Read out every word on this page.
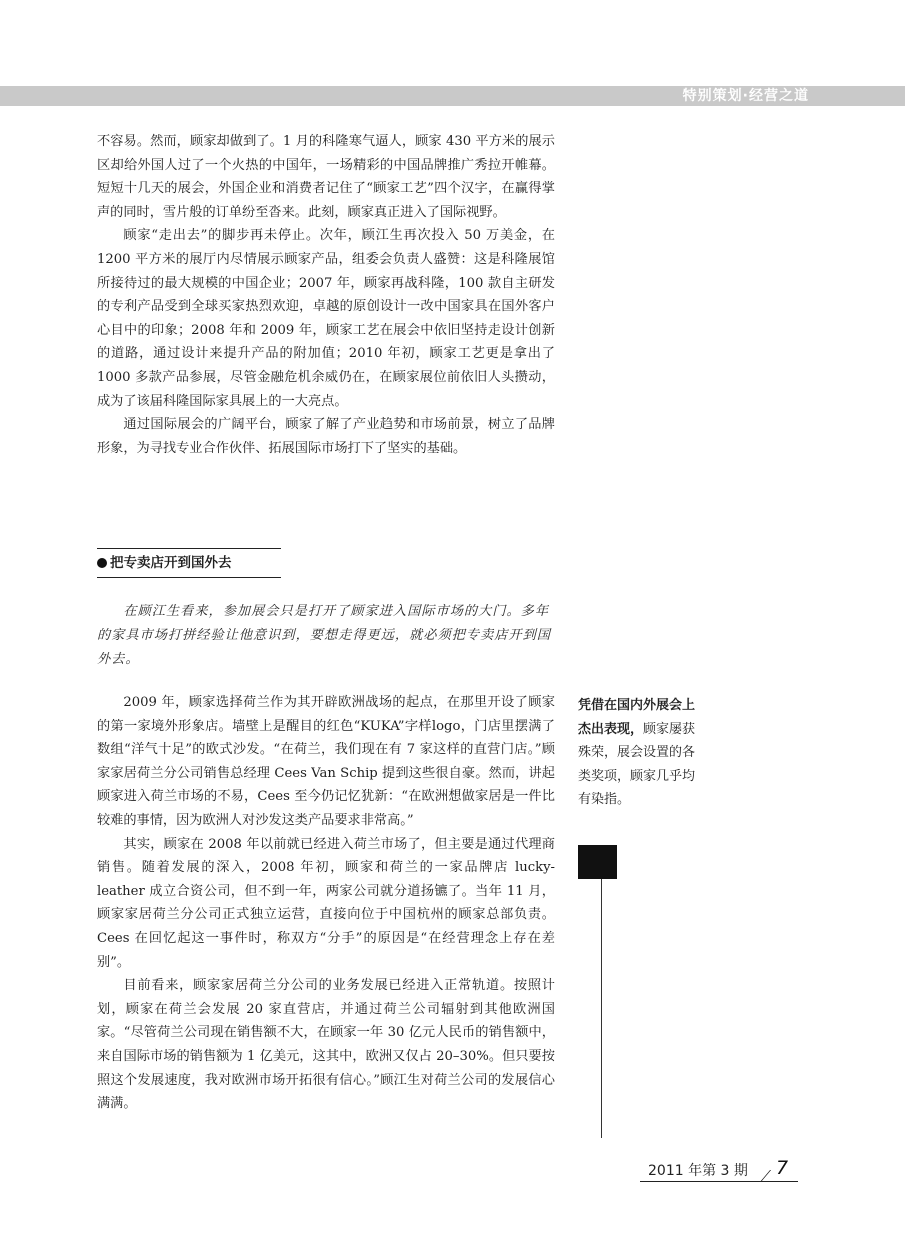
特别策划·经营之道

不容易。然而，顾家却做到了。1 月的科隆寒气逼人，顾家 430 平方米的展示区却给外国人过了一个火热的中国年，一场精彩的中国品牌推广秀拉开帷幕。短短十几天的展会，外国企业和消费者记住了“顾家工艺”四个汉字，在赢得掌声的同时，雪片般的订单纷至沓来。此刻，顾家真正进入了国际视野。

顾家“走出去”的脚步再未停止。次年，顾江生再次投入 50 万美金，在 1200 平方米的展厅内尽情展示顾家产品，组委会负责人盛赞：这是科隆展馆所接待过的最大规模的中国企业；2007 年，顾家再战科隆，100 款自主研发的专利产品受到全球买家热烈欢迎，卓越的原创设计一改中国家具在国外客户心目中的印象；2008 年和 2009 年，顾家工艺在展会中依旧坚持走设计创新的道路，通过设计来提升产品的附加值；2010 年初，顾家工艺更是拿出了 1000 多款产品参展，尽管金融危机余威仍在，在顾家展位前依旧人头攒动，成为了该届科隆国际家具展上的一大亮点。

通过国际展会的广阔平台，顾家了解了产业趋势和市场前景，树立了品牌形象，为寻找专业合作伙伴、拓展国际市场打下了坚实的基础。

把专卖店开到国外去

在顾江生看来，参加展会只是打开了顾家进入国际市场的大门。多年的家具市场打拼经验让他意识到，要想走得更远，就必须把专卖店开到国外去。

2009 年，顾家选择荷兰作为其开辟欧洲战场的起点，在那里开设了顾家的第一家境外形象店。墙壁上是醒目的红色“KUKA”字样logo，门店里摆满了数组“洋气十足”的欧式沙发。“在荷兰，我们现在有 7 家这样的直营门店。”顾家家居荷兰分公司销售总经理 Cees Van Schip 提到这些很自豪。然而，讲起顾家进入荷兰市场的不易，Cees 至今仍记忆犹新：“在欧洲想做家居是一件比较难的事情，因为欧洲人对沙发这类产品要求非常高。”

其实，顾家在 2008 年以前就已经进入荷兰市场了，但主要是通过代理商销售。随着发展的深入，2008 年初，顾家和荷兰的一家品牌店 lucky-leather 成立合资公司，但不到一年，两家公司就分道扬镳了。当年 11 月，顾家家居荷兰分公司正式独立运营，直接向位于中国杭州的顾家总部负责。Cees 在回忆起这一事件时，称双方“分手”的原因是“在经营理念上存在差别”。

目前看来，顾家家居荷兰分公司的业务发展已经进入正常轨道。按照计划，顾家在荷兰会发展 20 家直营店，并通过荷兰公司辐射到其他欧洲国家。“尽管荷兰公司现在销售额不大，在顾家一年 30 亿元人民币的销售额中，来自国际市场的销售额为 1 亿美元，这其中，欧洲又仅占 20–30%。但只要按照这个发展速度，我对欧洲市场开拓很有信心。”顾江生对荷兰公司的发展信心满满。

凭借在国内外展会上杰出表现，顾家屡获殊荣，展会设置的各类奖项，顾家几乎均有染指。
2011 年第 3 期 7
